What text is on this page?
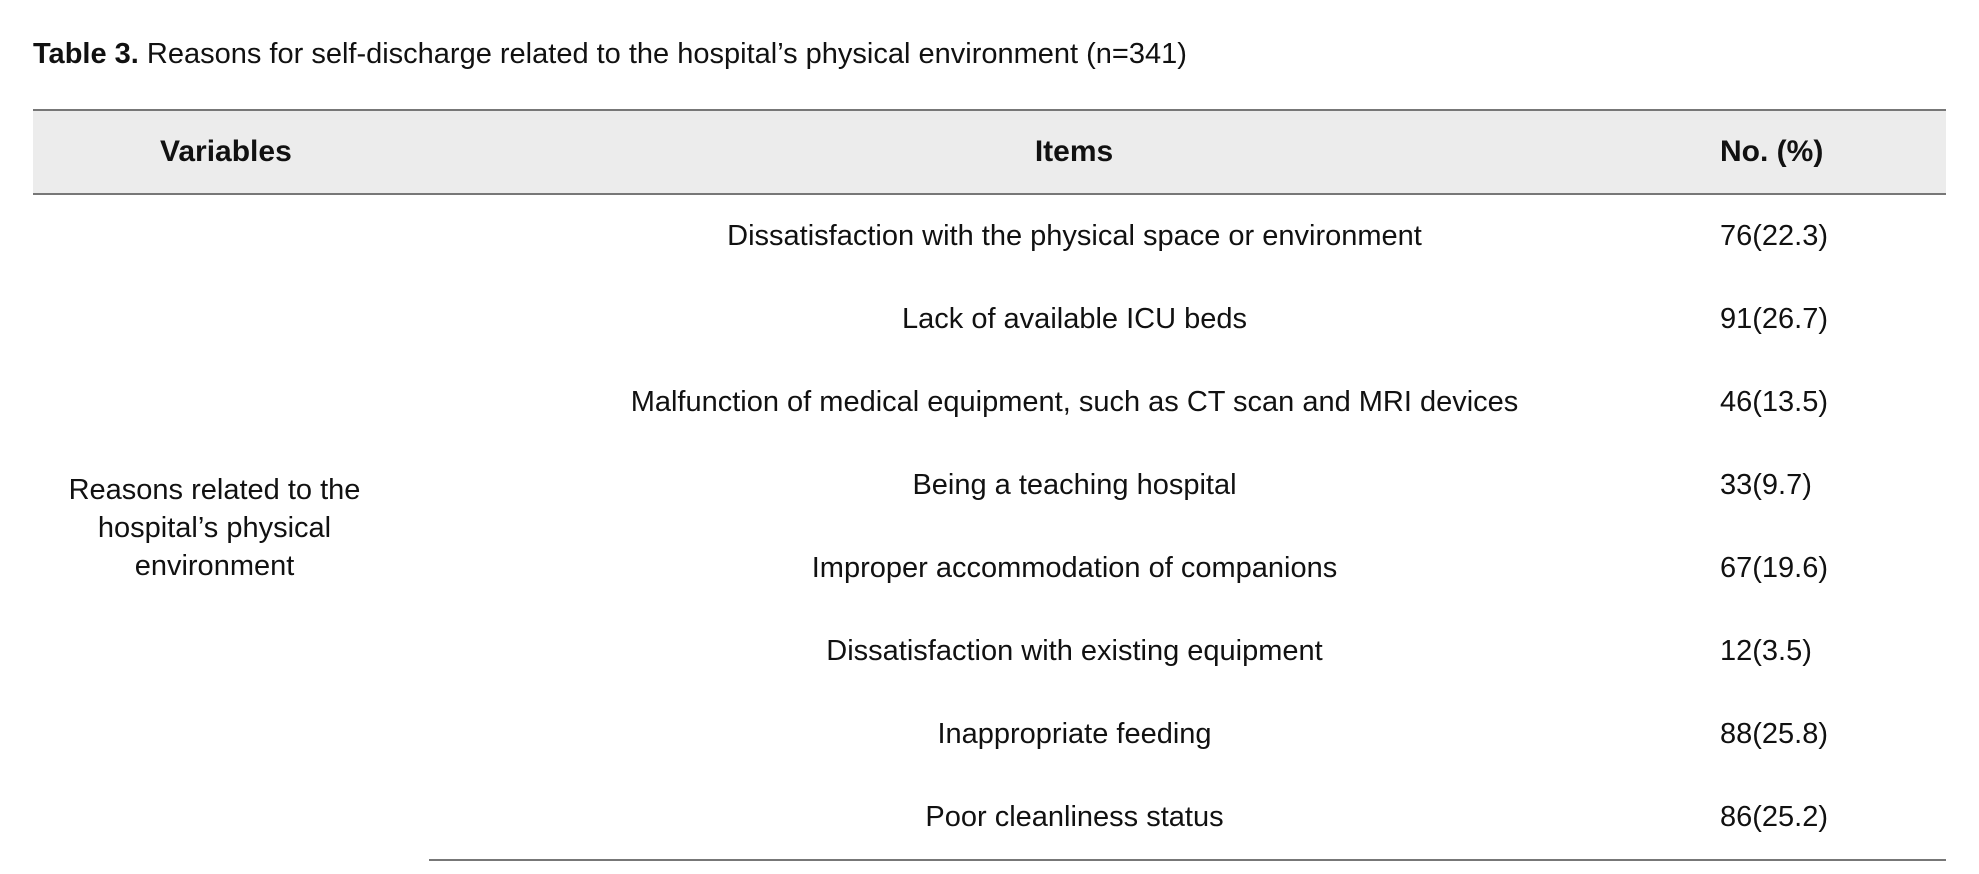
Table 3. Reasons for self-discharge related to the hospital’s physical environment (n=341)
Variables	Items	No. (%)

Reasons related to the hospital’s physical environment	Dissatisfaction with the physical space or environment	76(22.3)
	Lack of available ICU beds	91(26.7)
	Malfunction of medical equipment, such as CT scan and MRI devices	46(13.5)
	Being a teaching hospital	33(9.7)
	Improper accommodation of companions	67(19.6)
	Dissatisfaction with existing equipment	12(3.5)
	Inappropriate feeding	88(25.8)
	Poor cleanliness status	86(25.2)
